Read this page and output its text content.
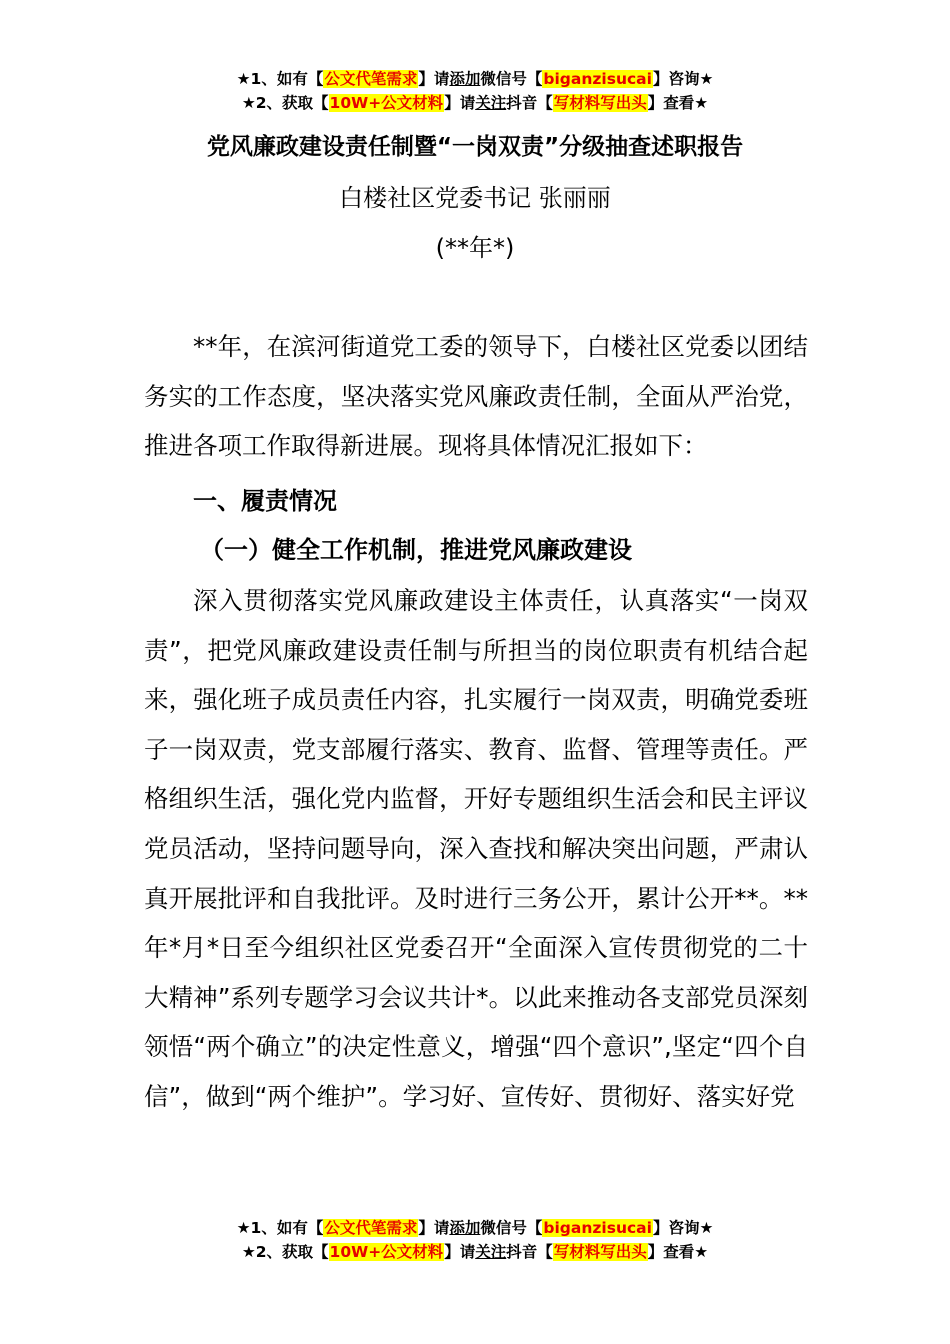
★1、如有【公文代笔需求】请添加微信号【biganzisucai】咨询★
★2、获取【10W+公文材料】请关注抖音【写材料写出头】查看★
党风廉政建设责任制暨“一岗双责”分级抽查述职报告
白楼社区党委书记 张丽丽
(**年*)

**年，在滨河街道党工委的领导下，白楼社区党委以团结务实的工作态度，坚决落实党风廉政责任制，全面从严治党，推进各项工作取得新进展。现将具体情况汇报如下：

一、履责情况
（一）健全工作机制，推进党风廉政建设

深入贯彻落实党风廉政建设主体责任，认真落实“一岗双责”，把党风廉政建设责任制与所担当的岗位职责有机结合起来，强化班子成员责任内容，扎实履行一岗双责，明确党委班子一岗双责，党支部履行落实、教育、监督、管理等责任。严格组织生活，强化党内监督，开好专题组织生活会和民主评议党员活动，坚持问题导向，深入查找和解决突出问题，严肃认真开展批评和自我批评。及时进行三务公开，累计公开**。**年*月*日至今组织社区党委召开“全面深入宣传贯彻党的二十大精神”系列专题学习会议共计*。以此来推动各支部党员深刻领悟“两个确立”的决定性意义，增强“四个意识”,坚定“四个自信”，做到“两个维护”。学习好、宣传好、贯彻好、落实好党

★1、如有【公文代笔需求】请添加微信号【biganzisucai】咨询★
★2、获取【10W+公文材料】请关注抖音【写材料写出头】查看★
